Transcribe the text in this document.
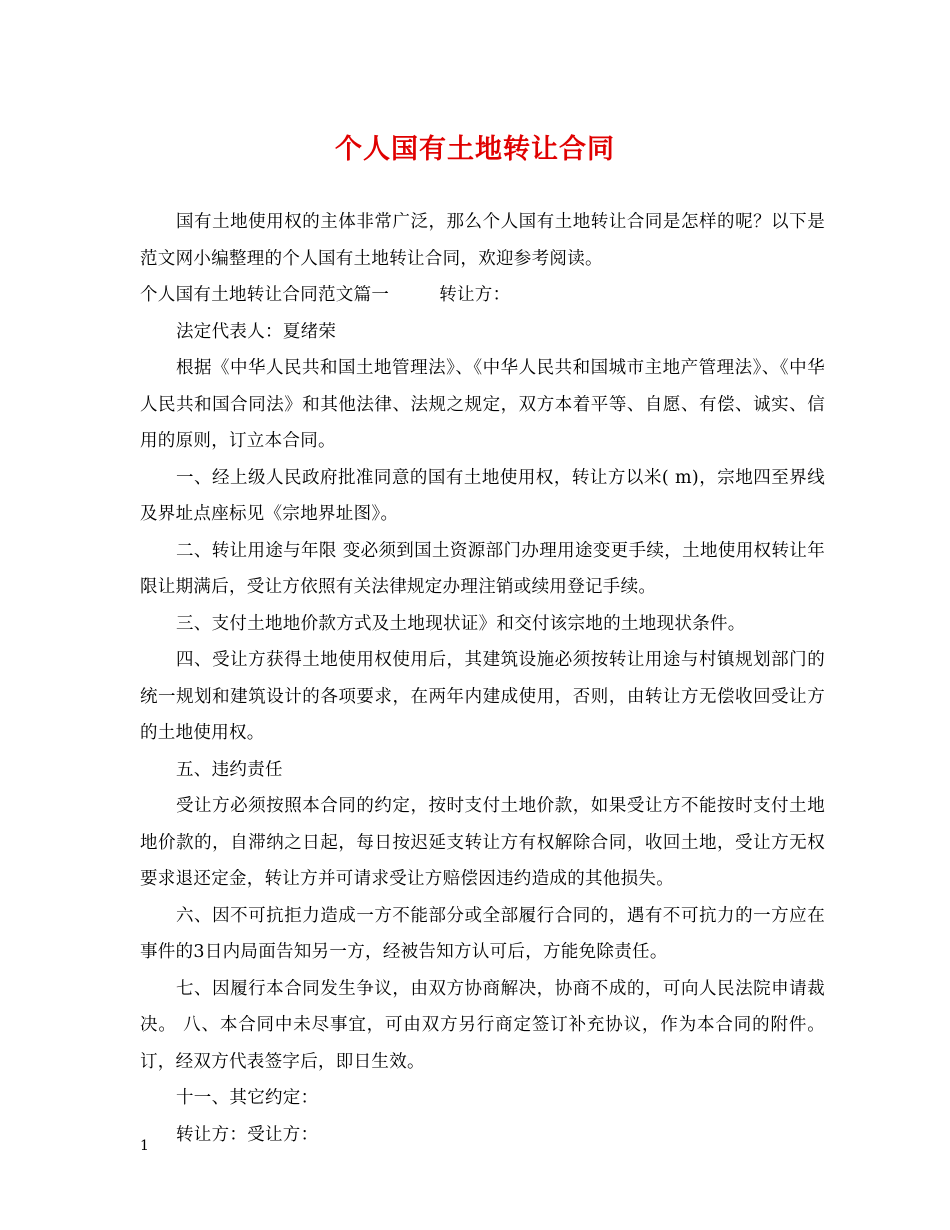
个人国有土地转让合同

国有土地使用权的主体非常广泛，那么个人国有土地转让合同是怎样的呢？以下是范文网小编整理的个人国有土地转让合同，欢迎参考阅读。

个人国有土地转让合同范文篇一	转让方：

法定代表人：夏绪荣

根据《中华人民共和国土地管理法》、《中华人民共和国城市主地产管理法》、《中华人民共和国合同法》和其他法律、法规之规定，双方本着平等、自愿、有偿、诚实、信用的原则，订立本合同。

一、经上级人民政府批准同意的国有土地使用权，转让方以米( m)，宗地四至界线及界址点座标见《宗地界址图》。

二、转让用途与年限 变必须到国土资源部门办理用途变更手续，土地使用权转让年限让期满后，受让方依照有关法律规定办理注销或续用登记手续。

三、支付土地地价款方式及土地现状证》和交付该宗地的土地现状条件。

四、受让方获得土地使用权使用后，其建筑设施必须按转让用途与村镇规划部门的统一规划和建筑设计的各项要求，在两年内建成使用，否则，由转让方无偿收回受让方的土地使用权。

五、违约责任

受让方必须按照本合同的约定，按时支付土地价款，如果受让方不能按时支付土地地价款的，自滞纳之日起，每日按迟延支转让方有权解除合同，收回土地，受让方无权要求退还定金，转让方并可请求受让方赔偿因违约造成的其他损失。

六、因不可抗拒力造成一方不能部分或全部履行合同的，遇有不可抗力的一方应在事件的3日内局面告知另一方，经被告知方认可后，方能免除责任。

七、因履行本合同发生争议，由双方协商解决，协商不成的，可向人民法院申请裁决。 八、本合同中未尽事宜，可由双方另行商定签订补充协议，作为本合同的附件。订，经双方代表签字后，即日生效。

十一、其它约定：

转让方：受让方：

1
